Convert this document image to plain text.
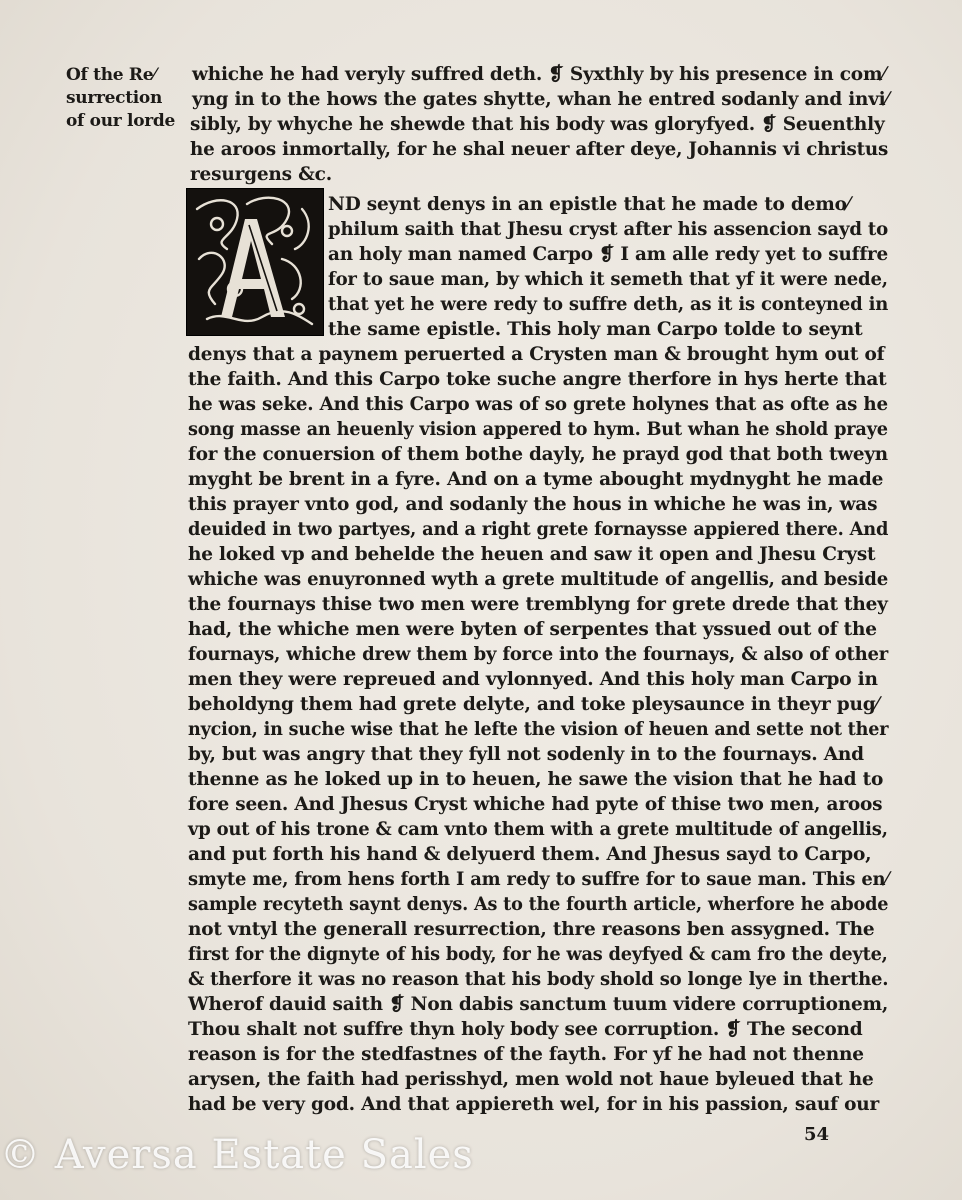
Of the Re⁄
surrection
of our lorde
whiche he had veryly suffred deth. ❡ Syxthly by his presence in com⁄
yng in to the hows the gates shytte, whan he entred sodanly and invi⁄
sibly, by whyche he shewde that his body was gloryfyed. ❡ Seuenthly
he aroos inmortally, for he shal neuer after deye, Johannis vi christus
resurgens &c.
ND seynt denys in an epistle that he made to demo⁄
philum saith that Jhesu cryst after his assencion sayd to
an holy man named Carpo ❡ I am alle redy yet to suffre
for to saue man, by which it semeth that yf it were nede,
that yet he were redy to suffre deth, as it is conteyned in
the same epistle. This holy man Carpo tolde to seynt
denys that a paynem peruerted a Crysten man & brought hym out of
the faith. And this Carpo toke suche angre therfore in hys herte that
he was seke. And this Carpo was of so grete holynes that as ofte as he
song masse an heuenly vision appered to hym. But whan he shold praye
for the conuersion of them bothe dayly, he prayd god that both tweyn
myght be brent in a fyre. And on a tyme abought mydnyght he made
this prayer vnto god, and sodanly the hous in whiche he was in, was
deuided in two partyes, and a right grete fornaysse appiered there. And
he loked vp and behelde the heuen and saw it open and Jhesu Cryst
whiche was enuyronned wyth a grete multitude of angellis, and beside
the fournays thise two men were tremblyng for grete drede that they
had, the whiche men were byten of serpentes that yssued out of the
fournays, whiche drew them by force into the fournays, & also of other
men they were repreued and vylonnyed. And this holy man Carpo in
beholdyng them had grete delyte, and toke pleysaunce in theyr pug⁄
nycion, in suche wise that he lefte the vision of heuen and sette not ther
by, but was angry that they fyll not sodenly in to the fournays. And
thenne as he loked up in to heuen, he sawe the vision that he had to
fore seen. And Jhesus Cryst whiche had pyte of thise two men, aroos
vp out of his trone & cam vnto them with a grete multitude of angellis,
and put forth his hand & delyuerd them. And Jhesus sayd to Carpo,
smyte me, from hens forth I am redy to suffre for to saue man. This en⁄
sample recyteth saynt denys. As to the fourth article, wherfore he abode
not vntyl the generall resurrection, thre reasons ben assygned. The
first for the dignyte of his body, for he was deyfyed & cam fro the deyte,
& therfore it was no reason that his body shold so longe lye in therthe.
Wherof dauid saith ❡ Non dabis sanctum tuum videre corruptionem,
Thou shalt not suffre thyn holy body see corruption. ❡ The second
reason is for the stedfastnes of the fayth. For yf he had not thenne
arysen, the faith had perisshyd, men wold not haue byleued that he
had be very god. And that appiereth wel, for in his passion, sauf our
54
© Aversa Estate Sales
